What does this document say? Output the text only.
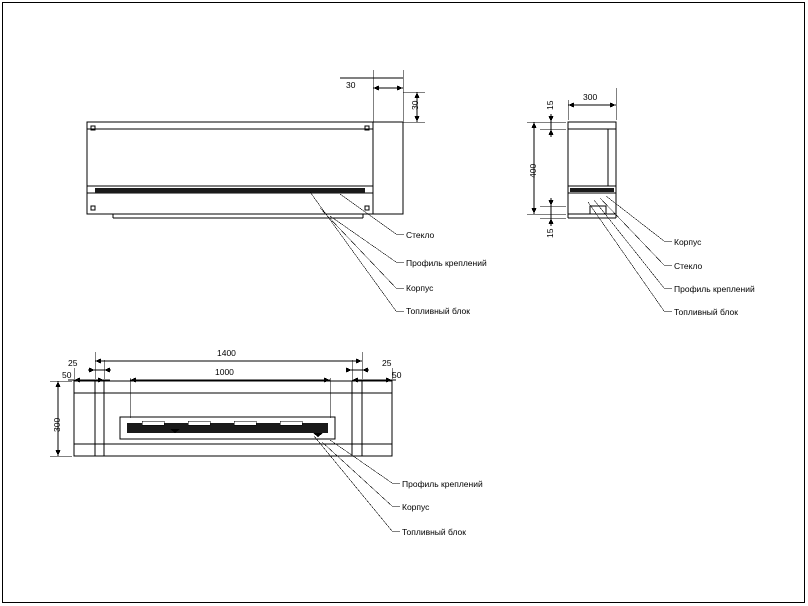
30
30
Стекло
Профиль креплений
Корпус
Топливный блок
15
300
400
15
Корпус
Стекло
Профиль креплений
Топливный блок
1400
1000
25
50
25
50
300
Профиль креплений
Корпус
Топливный блок
